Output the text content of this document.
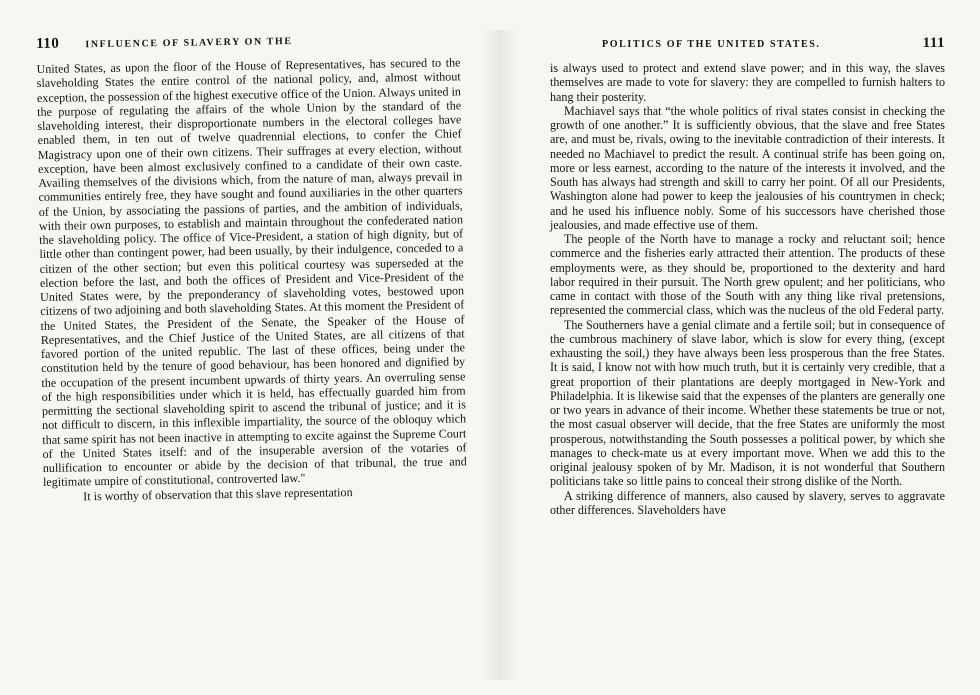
110	INFLUENCE OF SLAVERY ON THE

United States, as upon the floor of the House of Representatives, has secured to the slaveholding States the entire control of the national policy, and, almost without exception, the possession of the highest executive office of the Union. Always united in the purpose of regulating the affairs of the whole Union by the standard of the slaveholding interest, their disproportionate numbers in the electoral colleges have enabled them, in ten out of twelve quadrennial elections, to confer the Chief Magistracy upon one of their own citizens. Their suffrages at every election, without exception, have been almost exclusively confined to a candidate of their own caste. Availing themselves of the divisions which, from the nature of man, always prevail in communities entirely free, they have sought and found auxiliaries in the other quarters of the Union, by associating the passions of parties, and the ambition of individuals, with their own purposes, to establish and maintain throughout the confederated nation the slaveholding policy. The office of Vice-President, a station of high dignity, but of little other than contingent power, had been usually, by their indulgence, conceded to a citizen of the other section; but even this political courtesy was superseded at the election before the last, and both the offices of President and Vice-President of the United States were, by the preponderancy of slaveholding votes, bestowed upon citizens of two adjoining and both slaveholding States. At this moment the President of the United States, the President of the Senate, the Speaker of the House of Representatives, and the Chief Justice of the United States, are all citizens of that favored portion of the united republic. The last of these offices, being under the constitution held by the tenure of good behaviour, has been honored and dignified by the occupation of the present incumbent upwards of thirty years. An overruling sense of the high responsibilities under which it is held, has effectually guarded him from permitting the sectional slaveholding spirit to ascend the tribunal of justice; and it is not difficult to discern, in this inflexible impartiality, the source of the obloquy which that same spirit has not been inactive in attempting to excite against the Supreme Court of the United States itself: and of the insuperable aversion of the votaries of nullification to encounter or abide by the decision of that tribunal, the true and legitimate umpire of constitutional, controverted law."

It is worthy of observation that this slave representation

POLITICS OF THE UNITED STATES.	111

is always used to protect and extend slave power; and in this way, the slaves themselves are made to vote for slavery: they are compelled to furnish halters to hang their posterity.

Machiavel says that “the whole politics of rival states consist in checking the growth of one another.” It is sufficiently obvious, that the slave and free States are, and must be, rivals, owing to the inevitable contradiction of their interests. It needed no Machiavel to predict the result. A continual strife has been going on, more or less earnest, according to the nature of the interests it involved, and the South has always had strength and skill to carry her point. Of all our Presidents, Washington alone had power to keep the jealousies of his countrymen in check; and he used his influence nobly. Some of his successors have cherished those jealousies, and made effective use of them.

The people of the North have to manage a rocky and reluctant soil; hence commerce and the fisheries early attracted their attention. The products of these employments were, as they should be, proportioned to the dexterity and hard labor required in their pursuit. The North grew opulent; and her politicians, who came in contact with those of the South with any thing like rival pretensions, represented the commercial class, which was the nucleus of the old Federal party.

The Southerners have a genial climate and a fertile soil; but in consequence of the cumbrous machinery of slave labor, which is slow for every thing, (except exhausting the soil,) they have always been less prosperous than the free States. It is said, I know not with how much truth, but it is certainly very credible, that a great proportion of their plantations are deeply mortgaged in New-York and Philadelphia. It is likewise said that the expenses of the planters are generally one or two years in advance of their income. Whether these statements be true or not, the most casual observer will decide, that the free States are uniformly the most prosperous, notwithstanding the South possesses a political power, by which she manages to check-mate us at every important move. When we add this to the original jealousy spoken of by Mr. Madison, it is not wonderful that Southern politicians take so little pains to conceal their strong dislike of the North.

A striking difference of manners, also caused by slavery, serves to aggravate other differences. Slaveholders have
